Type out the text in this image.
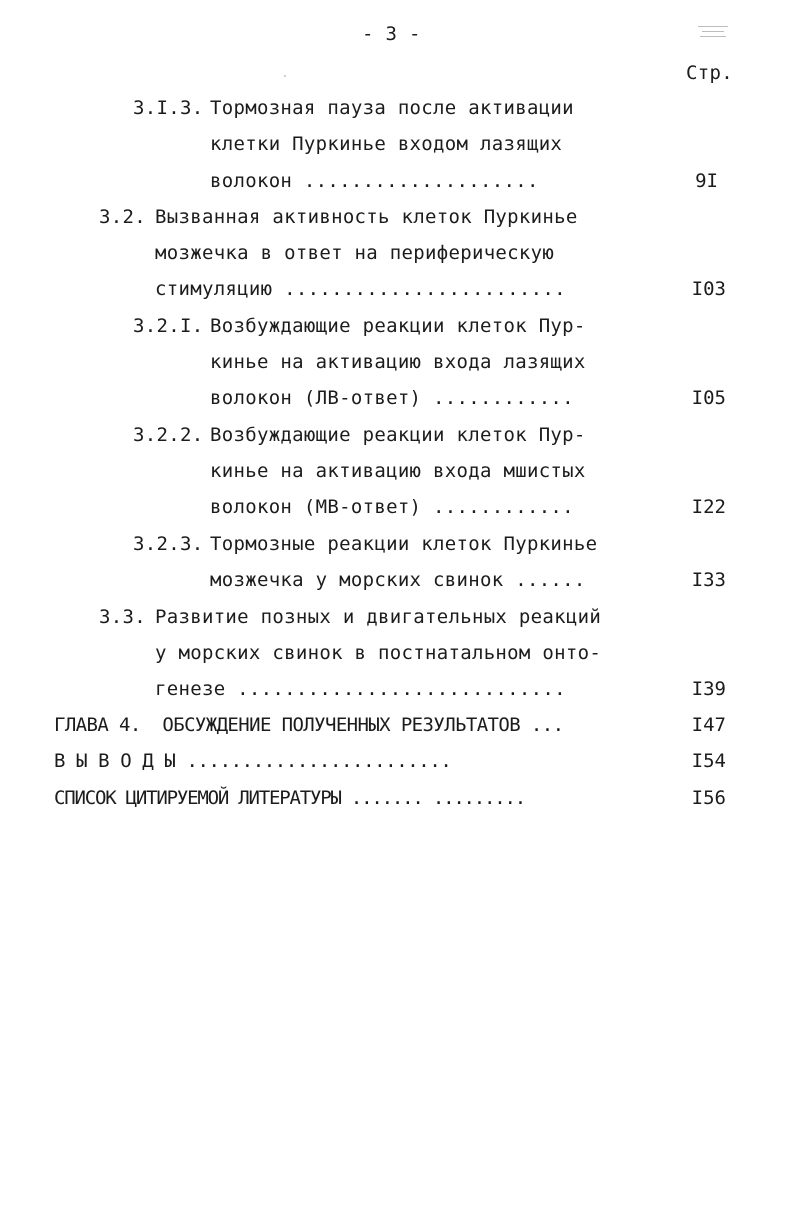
- 3 -
Стр.
3.I.3. Тормозная пауза после активации
клетки Пуркинье входом лазящих
волокон ....................	9I
3.2. Вызванная активность клеток Пуркинье
мозжечка в ответ на периферическую
стимуляцию ........................	I03
3.2.I. Возбуждающие реакции клеток Пур-
кинье на активацию входа лазящих
волокон (ЛВ-ответ) ............	I05
3.2.2. Возбуждающие реакции клеток Пур-
кинье на активацию входа мшистых
волокон (МВ-ответ) ............	I22
3.2.3. Тормозные реакции клеток Пуркинье
мозжечка у морских свинок ......	I33
3.3. Развитие позных и двигательных реакций
у морских свинок в постнатальном онто-
генезе ............................	I39
ГЛАВА 4.  ОБСУЖДЕНИЕ ПОЛУЧЕННЫХ РЕЗУЛЬТАТОВ ...	I47
В Ы В О Д Ы ........................	I54
СПИСОК ЦИТИРУЕМОЙ ЛИТЕРАТУРЫ ....... .........	I56
